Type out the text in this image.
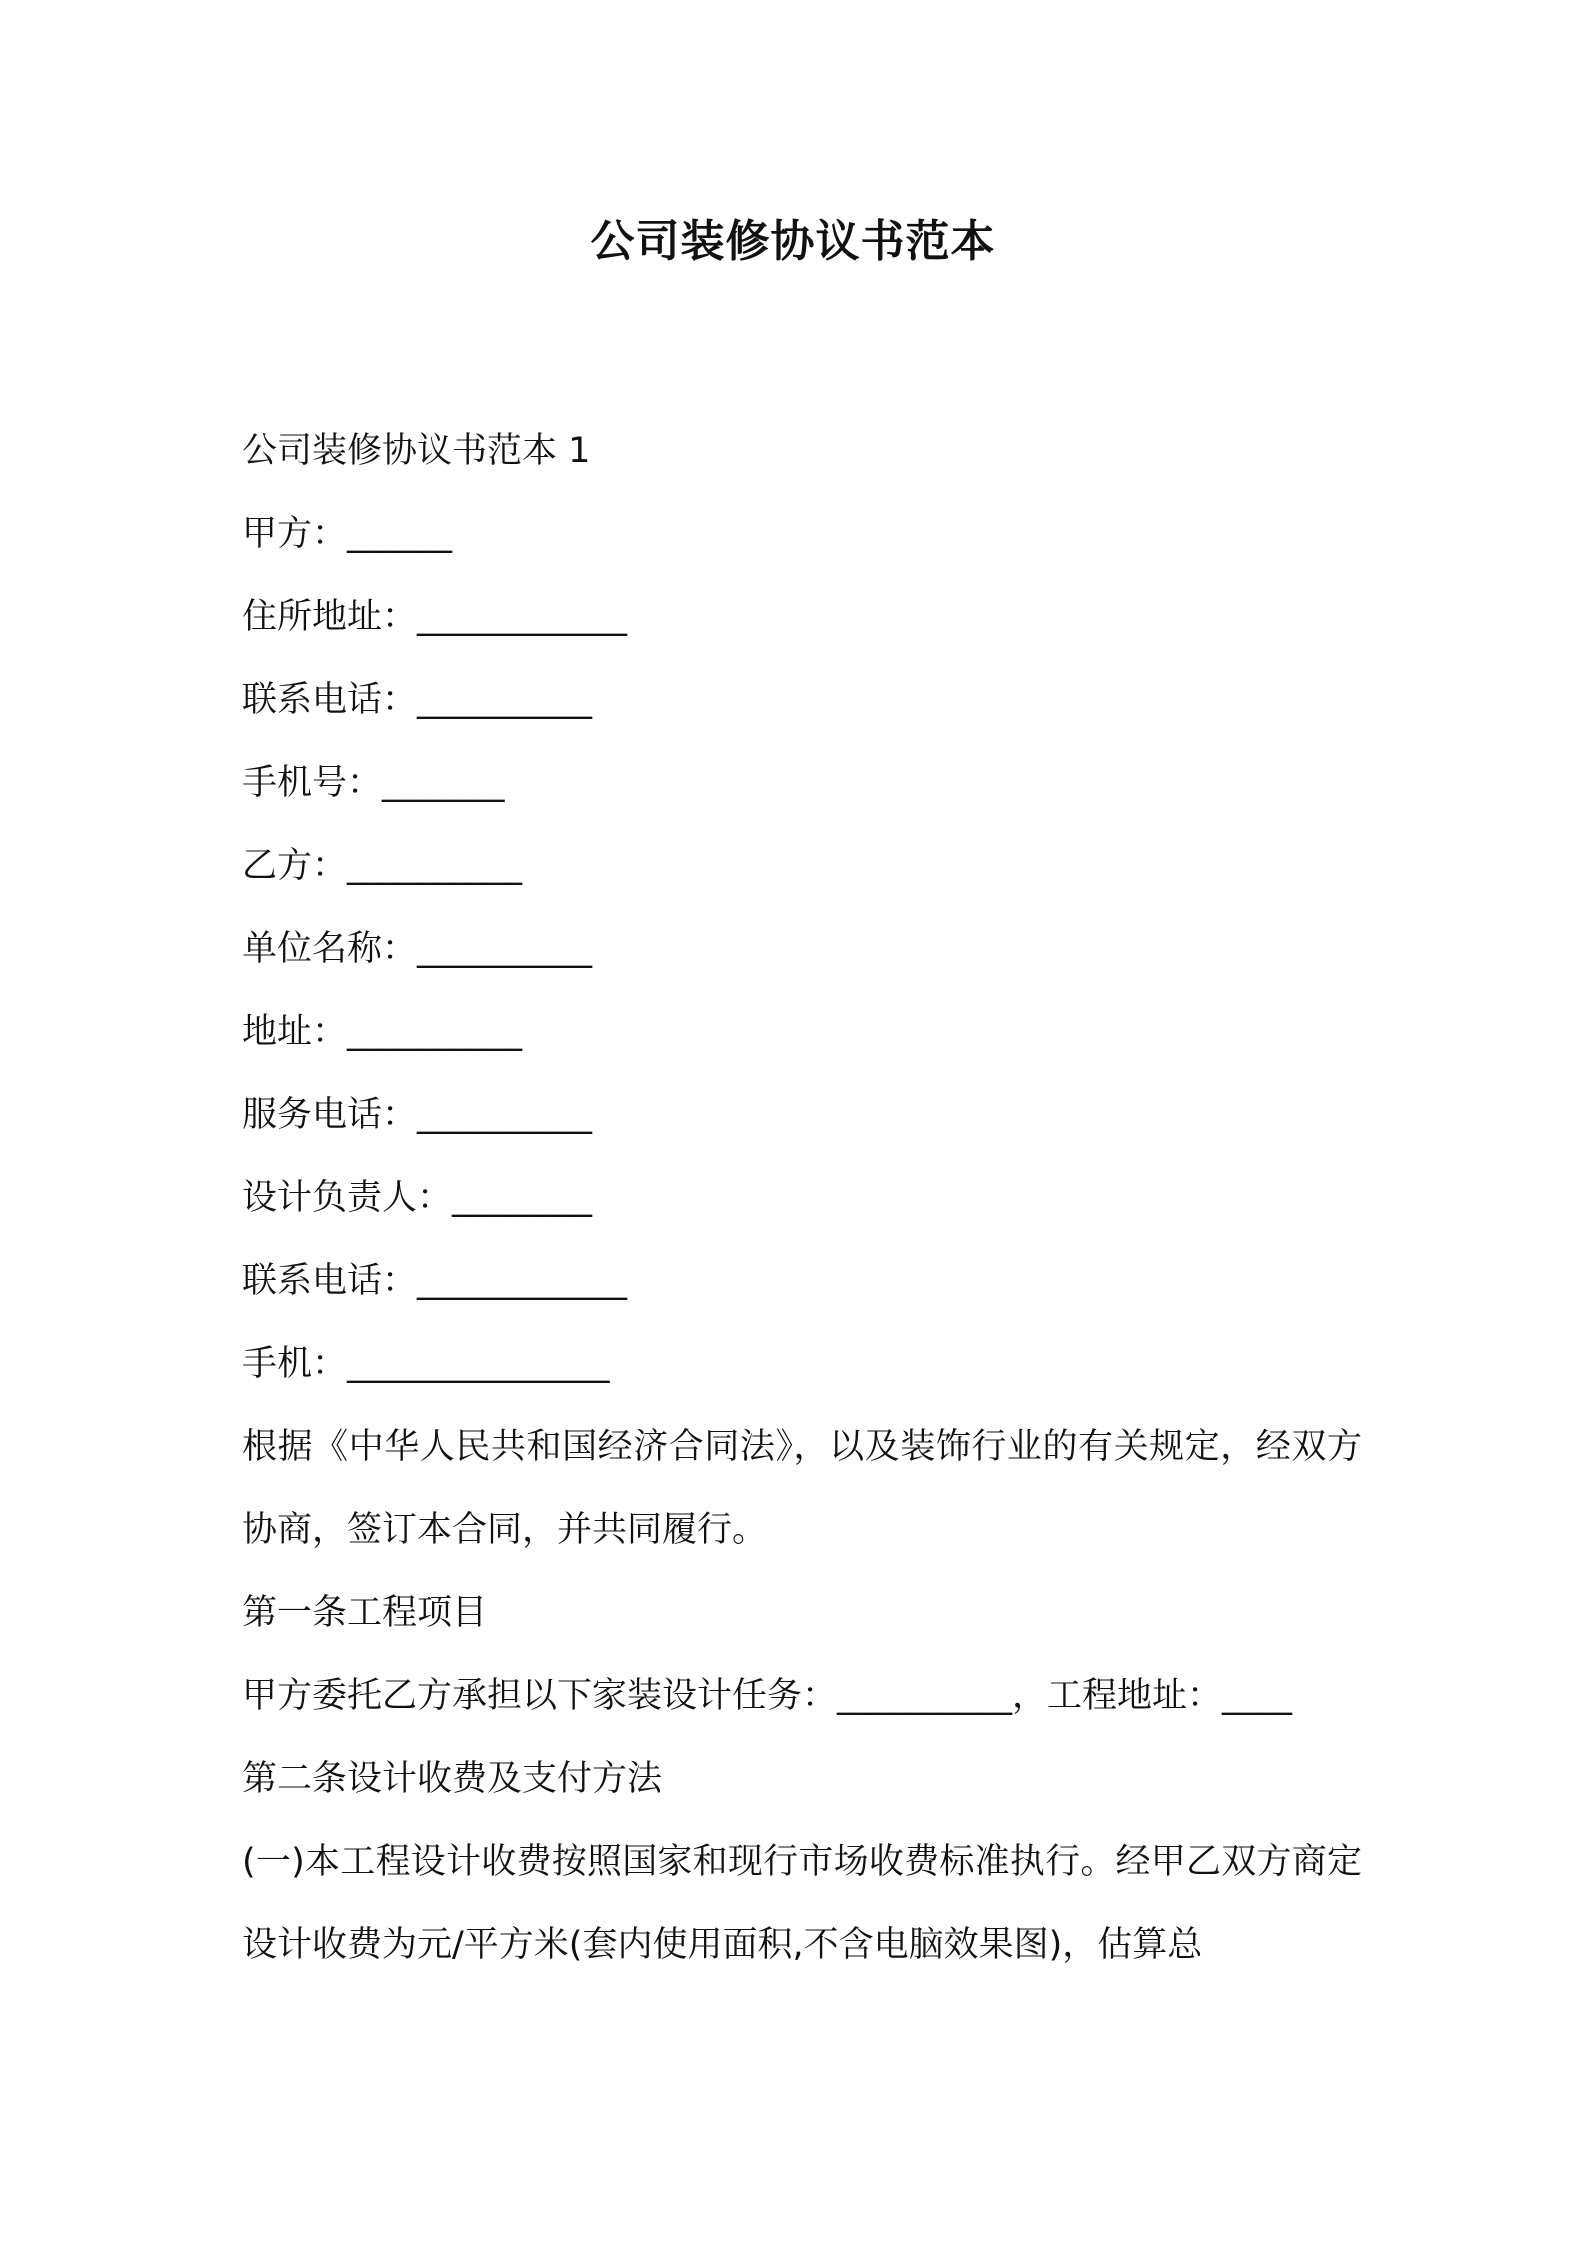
公司装修协议书范本

公司装修协议书范本 1

甲方：______

住所地址：____________

联系电话：__________

手机号：_______

乙方：__________

单位名称：__________

地址：__________

服务电话：__________

设计负责人：________

联系电话：____________

手机：_______________

根据《中华人民共和国经济合同法》，以及装饰行业的有关规定，经双方协商，签订本合同，并共同履行。

第一条工程项目

甲方委托乙方承担以下家装设计任务：__________，工程地址：____

第二条设计收费及支付方法

(一)本工程设计收费按照国家和现行市场收费标准执行。经甲乙双方商定设计收费为元/平方米(套内使用面积,不含电脑效果图)，估算总
